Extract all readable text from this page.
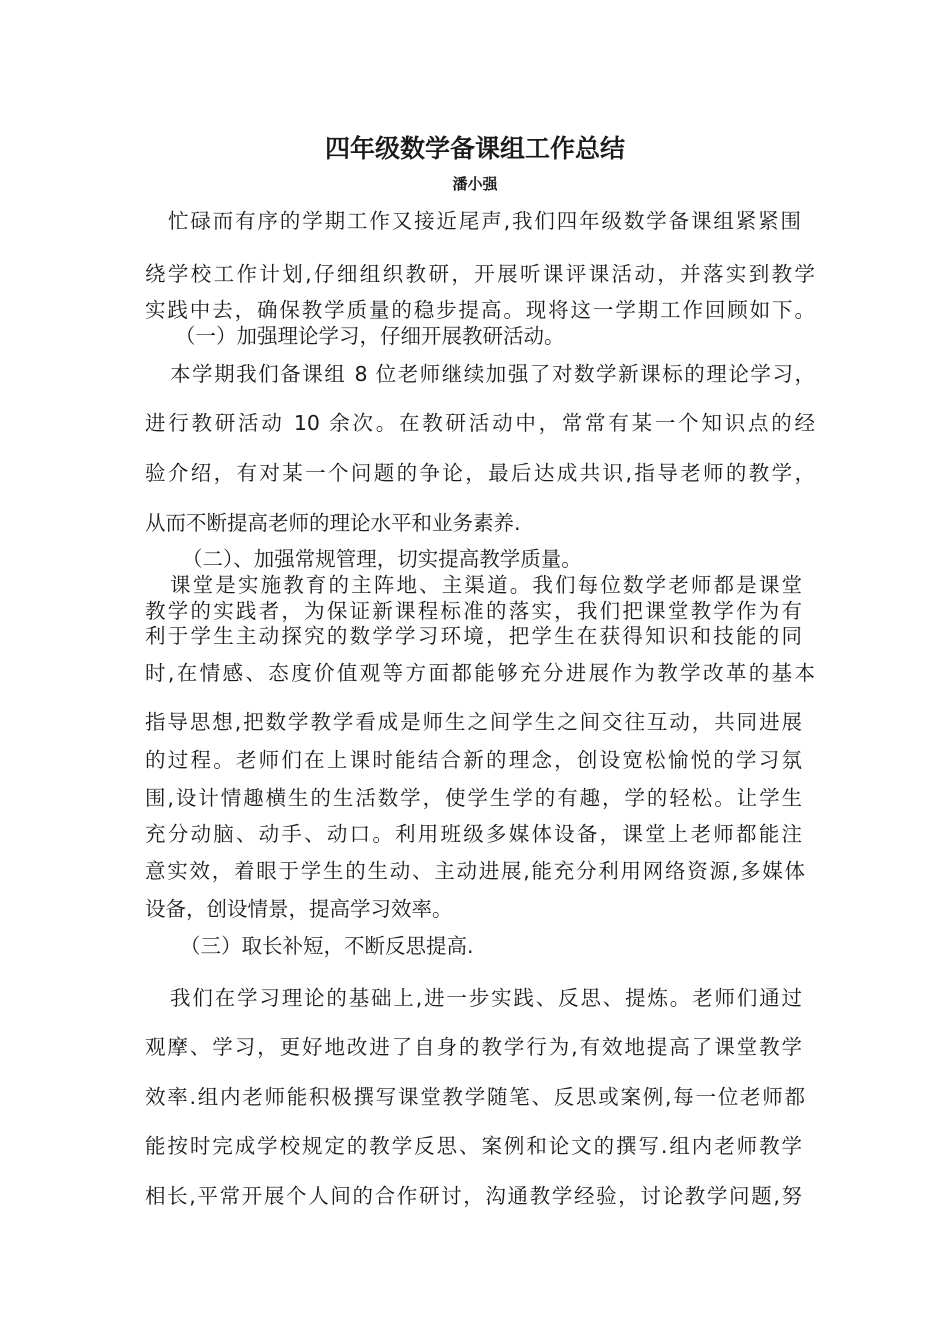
四年级数学备课组工作总结
潘小强
忙碌而有序的学期工作又接近尾声,我们四年级数学备课组紧紧围
绕学校工作计划,仔细组织教研，开展听课评课活动，并落实到教学
实践中去，确保教学质量的稳步提高。现将这一学期工作回顾如下。
（一）加强理论学习，仔细开展教研活动。
本学期我们备课组 8 位老师继续加强了对数学新课标的理论学习，
进行教研活动 10 余次。在教研活动中，常常有某一个知识点的经
验介绍，有对某一个问题的争论，最后达成共识,指导老师的教学，
从而不断提高老师的理论水平和业务素养.
（二）、加强常规管理，切实提高教学质量。
课堂是实施教育的主阵地、主渠道。我们每位数学老师都是课堂
教学的实践者，为保证新课程标准的落实，我们把课堂教学作为有
利于学生主动探究的数学学习环境，把学生在获得知识和技能的同
时,在情感、态度价值观等方面都能够充分进展作为教学改革的基本
指导思想,把数学教学看成是师生之间学生之间交往互动，共同进展
的过程。老师们在上课时能结合新的理念，创设宽松愉悦的学习氛
围,设计情趣横生的生活数学，使学生学的有趣，学的轻松。让学生
充分动脑、动手、动口。利用班级多媒体设备，课堂上老师都能注
意实效，着眼于学生的生动、主动进展,能充分利用网络资源,多媒体
设备，创设情景，提高学习效率。
（三）取长补短，不断反思提高.
我们在学习理论的基础上,进一步实践、反思、提炼。老师们通过
观摩、学习，更好地改进了自身的教学行为,有效地提高了课堂教学
效率.组内老师能积极撰写课堂教学随笔、反思或案例,每一位老师都
能按时完成学校规定的教学反思、案例和论文的撰写.组内老师教学
相长,平常开展个人间的合作研讨，沟通教学经验，讨论教学问题,努
